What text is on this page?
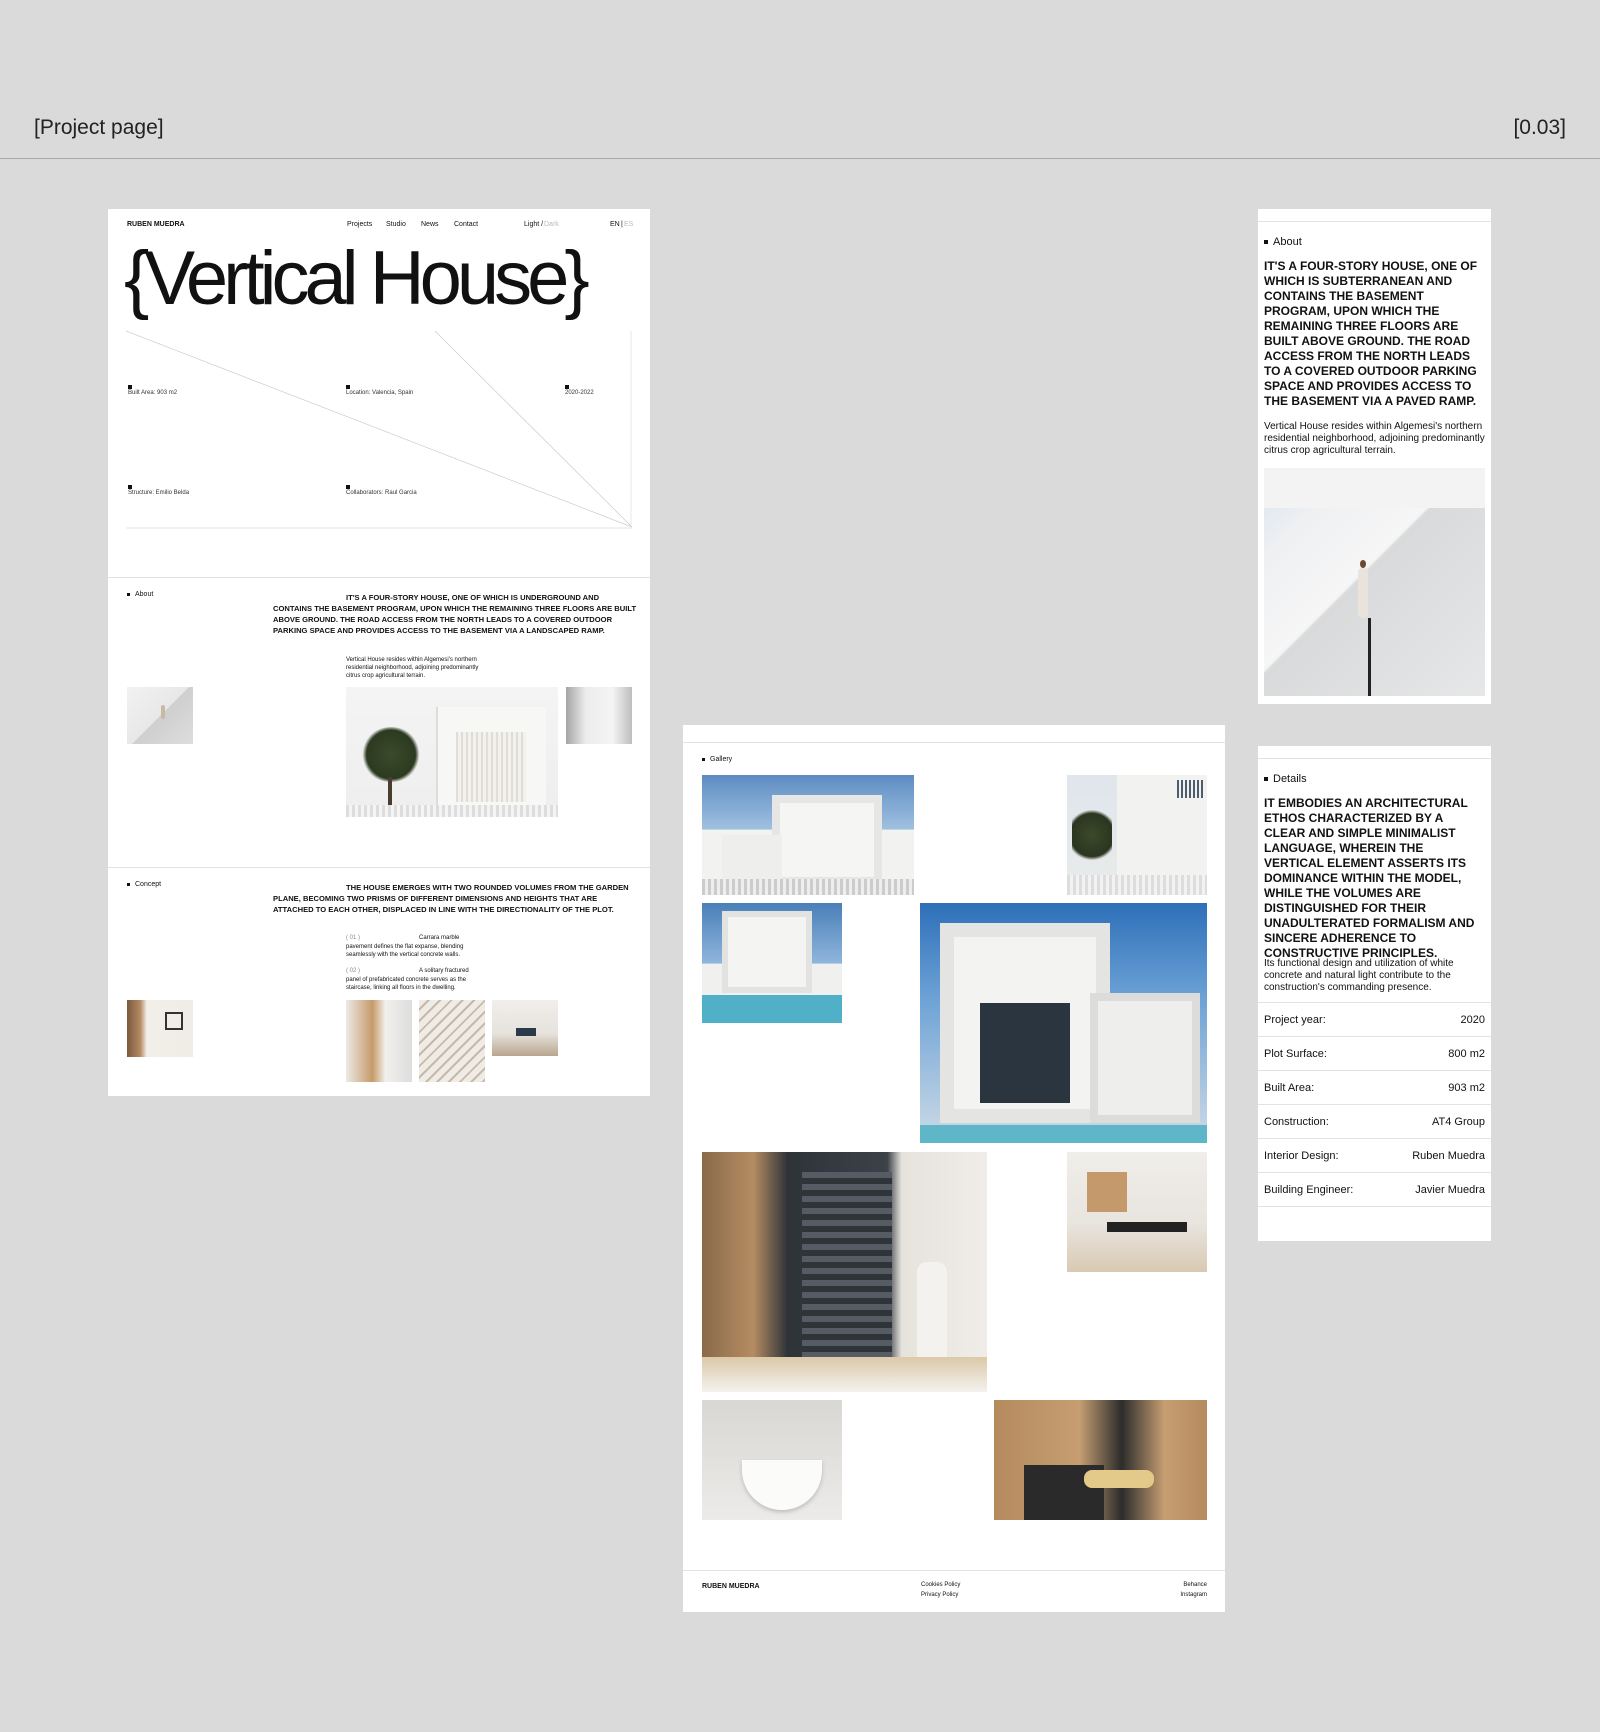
[Project page]	[0.03]
RUBEN MUEDRA	Projects Studio News Contact	Light / Dark	EN | ES
{Vertical House}
Built Area: 903 m2	Location: Valencia, Spain	2020-2022
Structure: Emilio Belda	Collaborators: Raul Garcia
About	IT'S A FOUR-STORY HOUSE, ONE OF WHICH IS UNDERGROUND AND CONTAINS THE BASEMENT PROGRAM, UPON WHICH THE REMAINING THREE FLOORS ARE BUILT ABOVE GROUND. THE ROAD ACCESS FROM THE NORTH LEADS TO A COVERED OUTDOOR PARKING SPACE AND PROVIDES ACCESS TO THE BASEMENT VIA A LANDSCAPED RAMP.
Vertical House resides within Algemesi's northern residential neighborhood, adjoining predominantly citrus crop agricultural terrain.
Concept	THE HOUSE EMERGES WITH TWO ROUNDED VOLUMES FROM THE GARDEN PLANE, BECOMING TWO PRISMS OF DIFFERENT DIMENSIONS AND HEIGHTS THAT ARE ATTACHED TO EACH OTHER, DISPLACED IN LINE WITH THE DIRECTIONALITY OF THE PLOT.
( 01 )	Carrara marble
pavement defines the flat expanse, blending seamlessly with the vertical concrete walls.
( 02 )	A solitary fractured
panel of prefabricated concrete serves as the staircase, linking all floors in the dwelling.
Gallery
RUBEN MUEDRA	Cookies Policy
Privacy Policy
Behance
Instagram
About
IT'S A FOUR-STORY HOUSE, ONE OF WHICH IS SUBTERRANEAN AND CONTAINS THE BASEMENT PROGRAM, UPON WHICH THE REMAINING THREE FLOORS ARE BUILT ABOVE GROUND. THE ROAD ACCESS FROM THE NORTH LEADS TO A COVERED OUTDOOR PARKING SPACE AND PROVIDES ACCESS TO THE BASEMENT VIA A PAVED RAMP.
Vertical House resides within Algemesi's northern residential neighborhood, adjoining predominantly citrus crop agricultural terrain.
Details
IT EMBODIES AN ARCHITECTURAL ETHOS CHARACTERIZED BY A CLEAR AND SIMPLE MINIMALIST LANGUAGE, WHEREIN THE VERTICAL ELEMENT ASSERTS ITS DOMINANCE WITHIN THE MODEL, WHILE THE VOLUMES ARE DISTINGUISHED FOR THEIR UNADULTERATED FORMALISM AND SINCERE ADHERENCE TO CONSTRUCTIVE PRINCIPLES.
Its functional design and utilization of white concrete and natural light contribute to the construction's commanding presence.
Project year:	2020
Plot Surface:	800 m2
Built Area:	903 m2
Construction:	AT4 Group
Interior Design:	Ruben Muedra
Building Engineer:	Javier Muedra
